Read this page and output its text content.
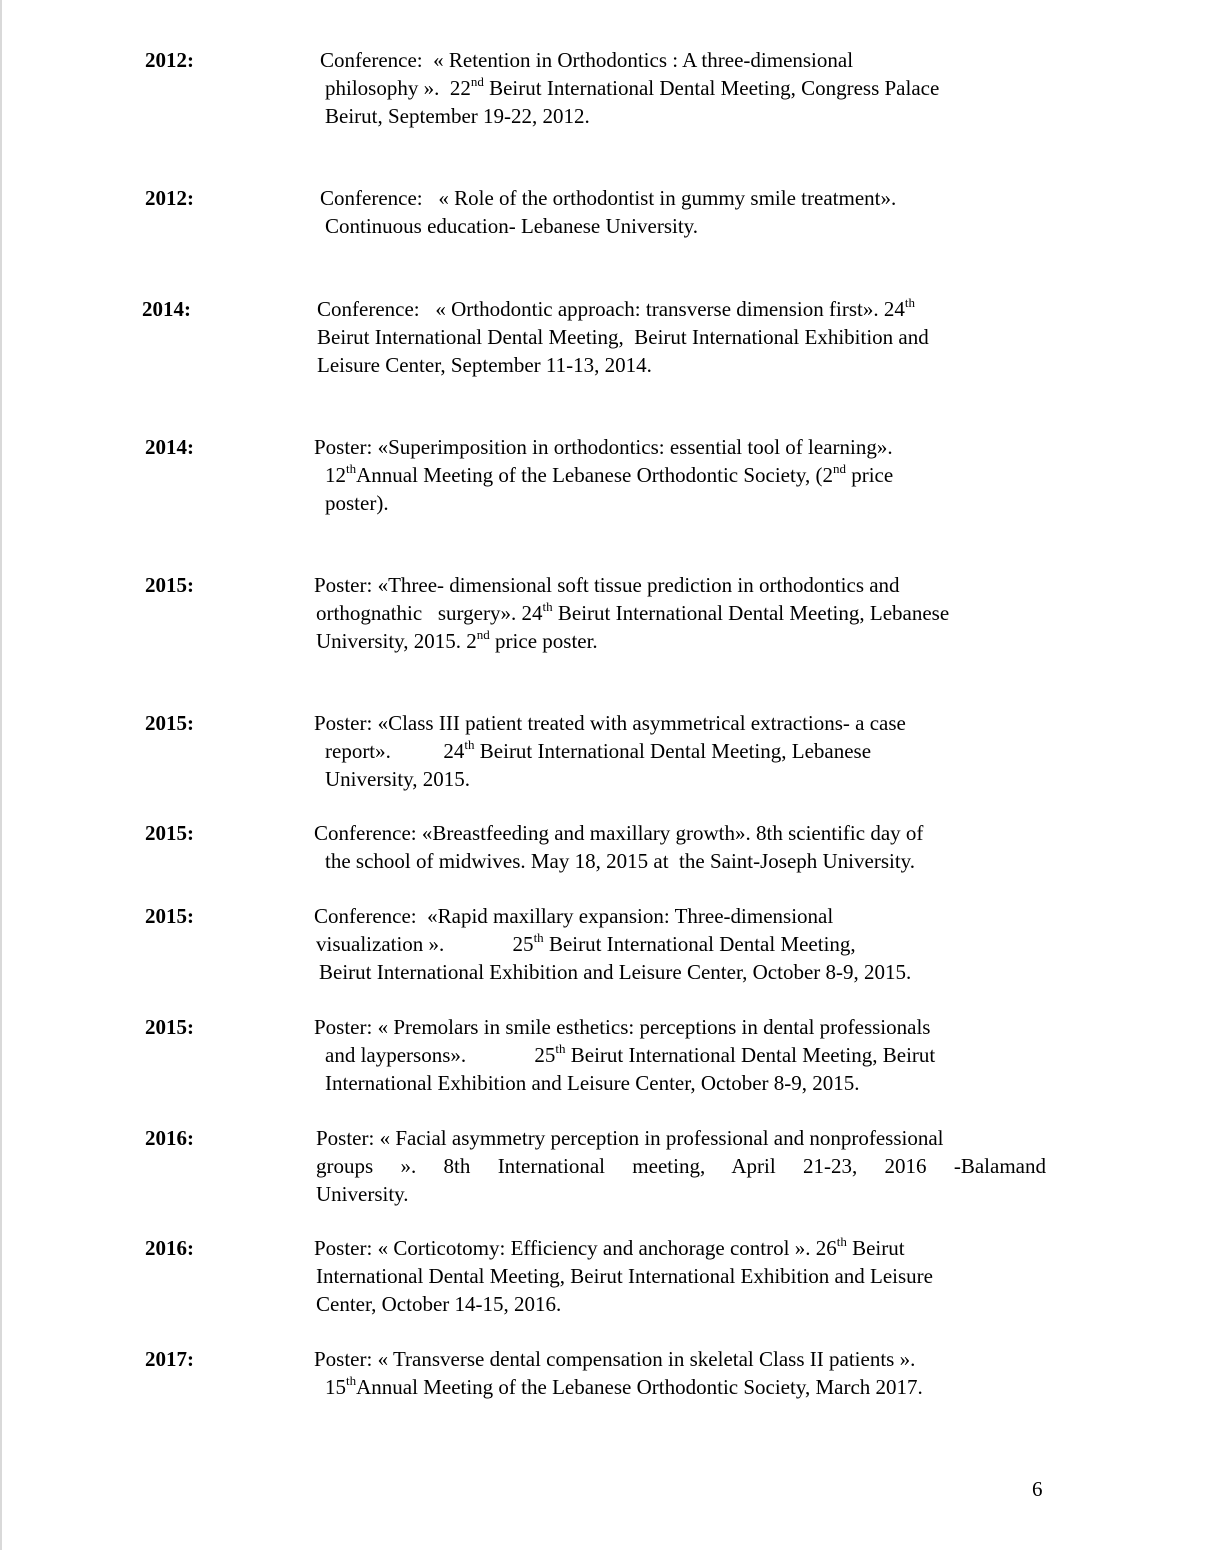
2012:	Conference:  « Retention in Orthodontics : A three-dimensional
philosophy ».  22nd Beirut International Dental Meeting, Congress Palace
Beirut, September 19-22, 2012.
2012:	Conference:   « Role of the orthodontist in gummy smile treatment».
Continuous education- Lebanese University.
2014:	Conference:   « Orthodontic approach: transverse dimension first». 24th
Beirut International Dental Meeting,  Beirut International Exhibition and
Leisure Center, September 11-13, 2014.
2014:	Poster: «Superimposition in orthodontics: essential tool of learning».
12thAnnual Meeting of the Lebanese Orthodontic Society, (2nd price
poster).
2015:	Poster: «Three- dimensional soft tissue prediction in orthodontics and
orthognathic   surgery». 24th Beirut International Dental Meeting, Lebanese
University, 2015. 2nd price poster.
2015:	Poster: «Class III patient treated with asymmetrical extractions- a case
report».          24th Beirut International Dental Meeting, Lebanese
University, 2015.
2015:	Conference: «Breastfeeding and maxillary growth». 8th scientific day of
the school of midwives. May 18, 2015 at  the Saint-Joseph University.
2015:	Conference:  «Rapid maxillary expansion: Three-dimensional
visualization ».             25th Beirut International Dental Meeting,
Beirut International Exhibition and Leisure Center, October 8-9, 2015.
2015:	Poster: « Premolars in smile esthetics: perceptions in dental professionals
and laypersons».             25th Beirut International Dental Meeting, Beirut
International Exhibition and Leisure Center, October 8-9, 2015.
2016:	Poster: « Facial asymmetry perception in professional and nonprofessional
groups ». 8th International meeting, April 21-23, 2016 -Balamand
University.
2016:	Poster: « Corticotomy: Efficiency and anchorage control ». 26th Beirut
International Dental Meeting, Beirut International Exhibition and Leisure
Center, October 14-15, 2016.
2017:	Poster: « Transverse dental compensation in skeletal Class II patients ».
15thAnnual Meeting of the Lebanese Orthodontic Society, March 2017.
6
